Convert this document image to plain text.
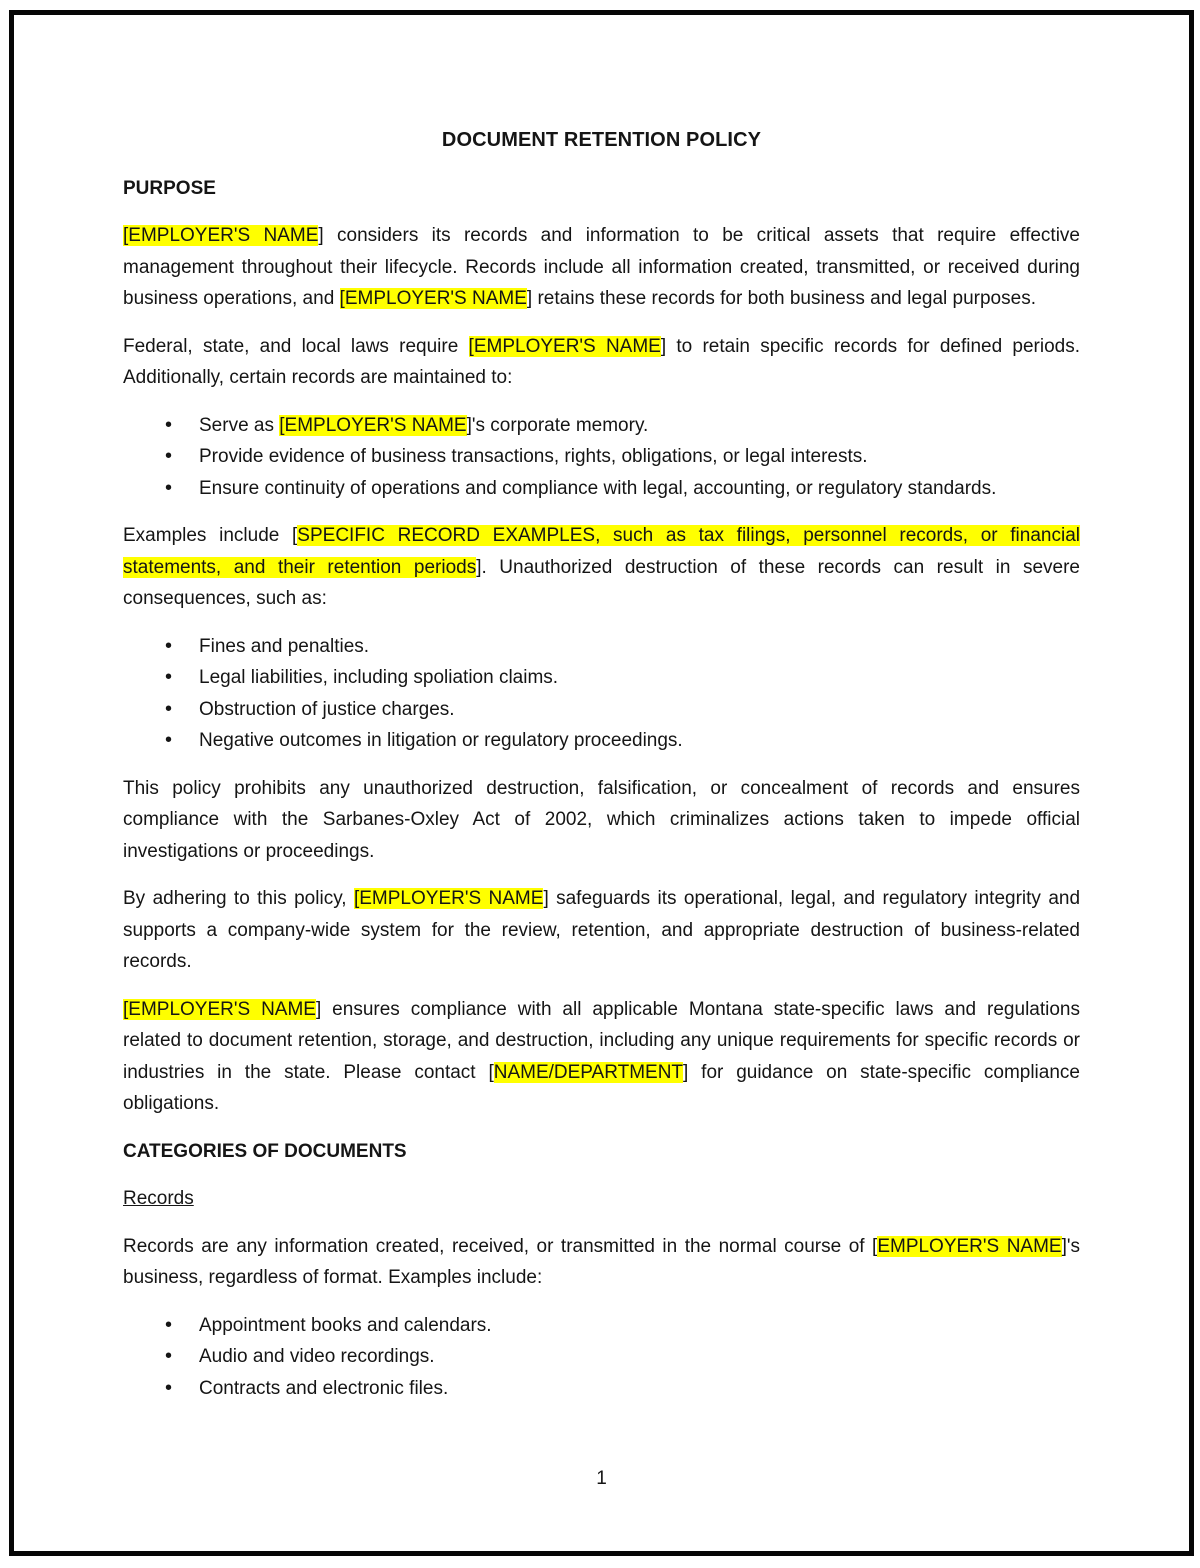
DOCUMENT RETENTION POLICY

PURPOSE

[EMPLOYER'S NAME] considers its records and information to be critical assets that require effective management throughout their lifecycle. Records include all information created, transmitted, or received during business operations, and [EMPLOYER'S NAME] retains these records for both business and legal purposes.

Federal, state, and local laws require [EMPLOYER'S NAME] to retain specific records for defined periods. Additionally, certain records are maintained to:

• Serve as [EMPLOYER'S NAME]'s corporate memory.
• Provide evidence of business transactions, rights, obligations, or legal interests.
• Ensure continuity of operations and compliance with legal, accounting, or regulatory standards.

Examples include [SPECIFIC RECORD EXAMPLES, such as tax filings, personnel records, or financial statements, and their retention periods]. Unauthorized destruction of these records can result in severe consequences, such as:

• Fines and penalties.
• Legal liabilities, including spoliation claims.
• Obstruction of justice charges.
• Negative outcomes in litigation or regulatory proceedings.

This policy prohibits any unauthorized destruction, falsification, or concealment of records and ensures compliance with the Sarbanes-Oxley Act of 2002, which criminalizes actions taken to impede official investigations or proceedings.

By adhering to this policy, [EMPLOYER'S NAME] safeguards its operational, legal, and regulatory integrity and supports a company-wide system for the review, retention, and appropriate destruction of business-related records.

[EMPLOYER'S NAME] ensures compliance with all applicable Montana state-specific laws and regulations related to document retention, storage, and destruction, including any unique requirements for specific records or industries in the state. Please contact [NAME/DEPARTMENT] for guidance on state-specific compliance obligations.

CATEGORIES OF DOCUMENTS

Records

Records are any information created, received, or transmitted in the normal course of [EMPLOYER'S NAME]'s business, regardless of format. Examples include:

• Appointment books and calendars.
• Audio and video recordings.
• Contracts and electronic files.
1
